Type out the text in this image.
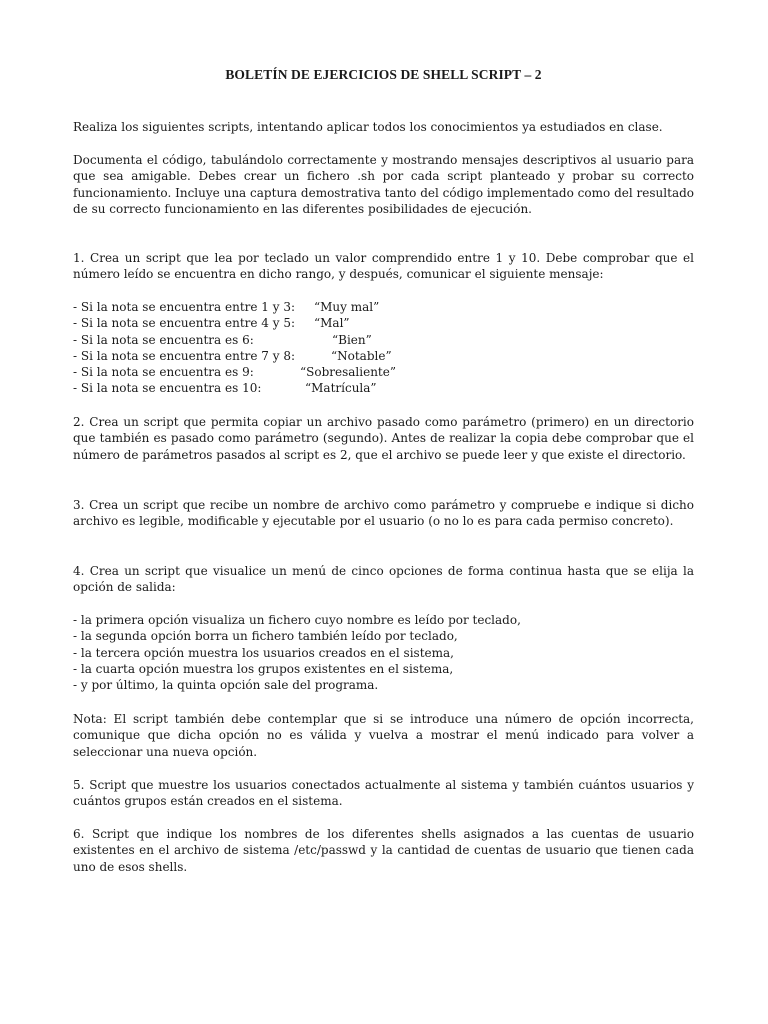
BOLETÍN DE EJERCICIOS DE SHELL SCRIPT – 2

Realiza los siguientes scripts, intentando aplicar todos los conocimientos ya estudiados en clase.

Documenta el código, tabulándolo correctamente y mostrando mensajes descriptivos al usuario para que sea amigable. Debes crear un fichero .sh por cada script planteado y probar su correcto funcionamiento. Incluye una captura demostrativa tanto del código implementado como del resultado de su correcto funcionamiento en las diferentes posibilidades de ejecución.

1. Crea un script que lea por teclado un valor comprendido entre 1 y 10. Debe comprobar que el número leído se encuentra en dicho rango, y después, comunicar el siguiente mensaje:

- Si la nota se encuentra entre 1 y 3:

“Muy mal”

- Si la nota se encuentra entre 4 y 5:

“Mal”

- Si la nota se encuentra es 6:

	“Bien”

- Si la nota se encuentra entre 7 y 8:

	“Notable”

- Si la nota se encuentra es 9:

	“Sobresaliente”

- Si la nota se encuentra es 10:

	“Matrícula”

2. Crea un script que permita copiar un archivo pasado como parámetro (primero) en un directorio que también es pasado como parámetro (segundo). Antes de realizar la copia debe comprobar que el número de parámetros pasados al script es 2, que el archivo se puede leer y que existe el directorio.

3. Crea un script que recibe un nombre de archivo como parámetro y compruebe e indique si dicho archivo es legible, modificable y ejecutable por el usuario (o no lo es para cada permiso concreto).

4. Crea un script que visualice un menú de cinco opciones de forma continua hasta que se elija la opción de salida:

- la primera opción visualiza un fichero cuyo nombre es leído por teclado,
- la segunda opción borra un fichero también leído por teclado,
- la tercera opción muestra los usuarios creados en el sistema,
- la cuarta opción muestra los grupos existentes en el sistema,
- y por último, la quinta opción sale del programa.

Nota: El script también debe contemplar que si se introduce una número de opción incorrecta, comunique que dicha opción no es válida y vuelva a mostrar el menú indicado para volver a seleccionar una nueva opción.

5. Script que muestre los usuarios conectados actualmente al sistema y también cuántos usuarios y cuántos grupos están creados en el sistema.

6. Script que indique los nombres de los diferentes shells asignados a las cuentas de usuario existentes en el archivo de sistema /etc/passwd y la cantidad de cuentas de usuario que tienen cada uno de esos shells.
